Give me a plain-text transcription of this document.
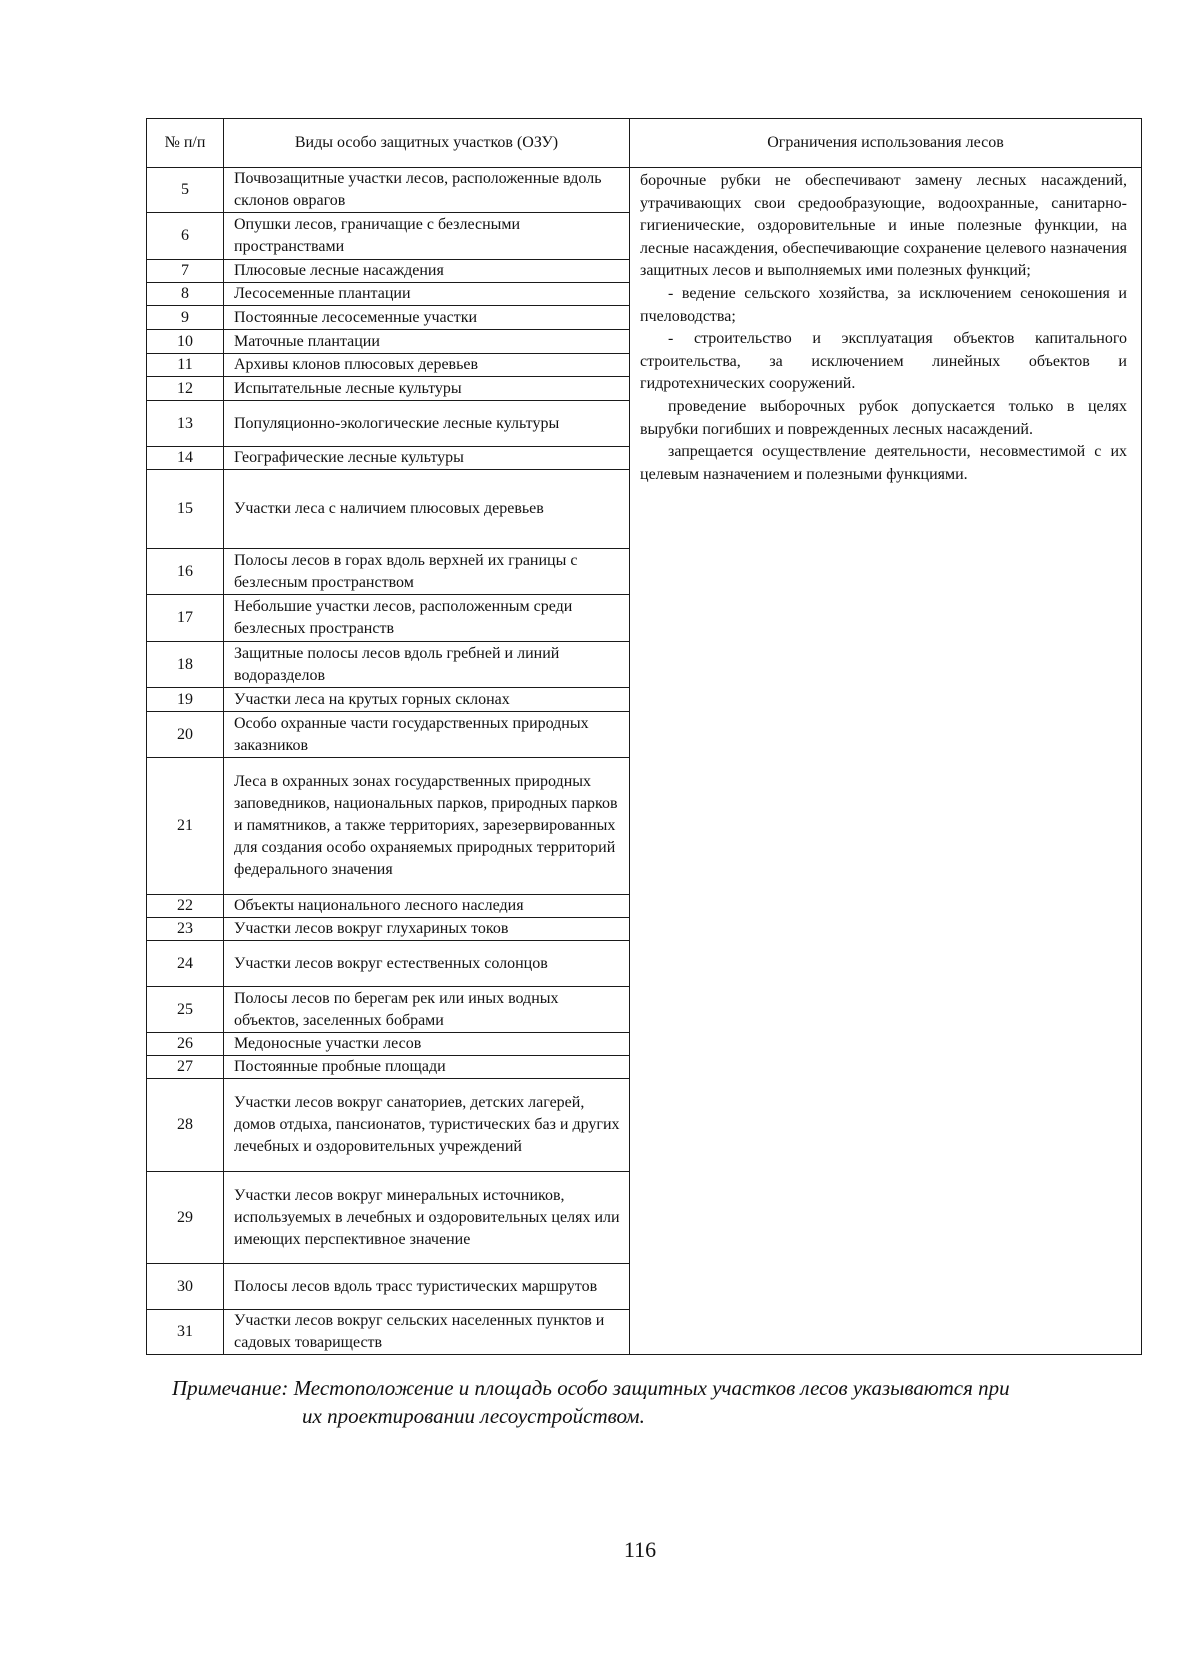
№ п/п	Виды особо защитных участков (ОЗУ)	Ограничения использования лесов
5	Почвозащитные участки лесов, расположенные вдоль склонов оврагов	борочные рубки не обеспечивают замену лесных насаждений, утрачивающих свои средообразующие, водоохранные, санитарно-гигиенические, оздоровительные и иные полезные функции, на лесные насаждения, обеспечивающие сохранение целевого назначения защитных лесов и выполняемых ими полезных функций;

- ведение сельского хозяйства, за исключением сенокошения и пчеловодства;

- строительство и эксплуатация объектов капитального строительства, за исключением линейных объектов и гидротехнических сооружений.

проведение выборочных рубок допускается только в целях вырубки погибших и поврежденных лесных насаждений.

запрещается осуществление деятельности, несовместимой с их целевым назначением и полезными функциями.

6	Опушки лесов, граничащие с безлесными пространствами	
7	Плюсовые лесные насаждения	
8	Лесосеменные плантации	
9	Постоянные лесосеменные участки	
10	Маточные плантации	
11	Архивы клонов плюсовых деревьев	
12	Испытательные лесные культуры	
13	Популяционно-экологические лесные культуры	
14	Географические лесные культуры	
15	Участки леса с наличием плюсовых деревьев	
16	Полосы лесов в горах вдоль верхней их границы с безлесным пространством	
17	Небольшие участки лесов, расположенным среди безлесных пространств	
18	Защитные полосы лесов вдоль гребней и линий водоразделов	
19	Участки леса на крутых горных склонах	
20	Особо охранные части государственных природных заказников	
21	Леса в охранных зонах государственных природных заповедников, национальных парков, природных парков и памятников, а также территориях, зарезервированных для создания особо охраняемых природных территорий федерального значения	
22	Объекты национального лесного наследия	
23	Участки лесов вокруг глухариных токов	
24	Участки лесов вокруг естественных солонцов	
25	Полосы лесов по берегам рек или иных водных объектов, заселенных бобрами	
26	Медоносные участки лесов	
27	Постоянные пробные площади	
28	Участки лесов вокруг санаториев, детских лагерей, домов отдыха, пансионатов, туристических баз и других лечебных и оздоровительных учреждений	
29	Участки лесов вокруг минеральных источников, используемых в лечебных и оздоровительных целях или имеющих перспективное значение	
30	Полосы лесов вдоль трасс туристических маршрутов	
31	Участки лесов вокруг сельских населенных пунктов и садовых товариществ	
Примечание: Местоположение и площадь особо защитных участков лесов указываются при
их проектировании лесоустройством.
116
